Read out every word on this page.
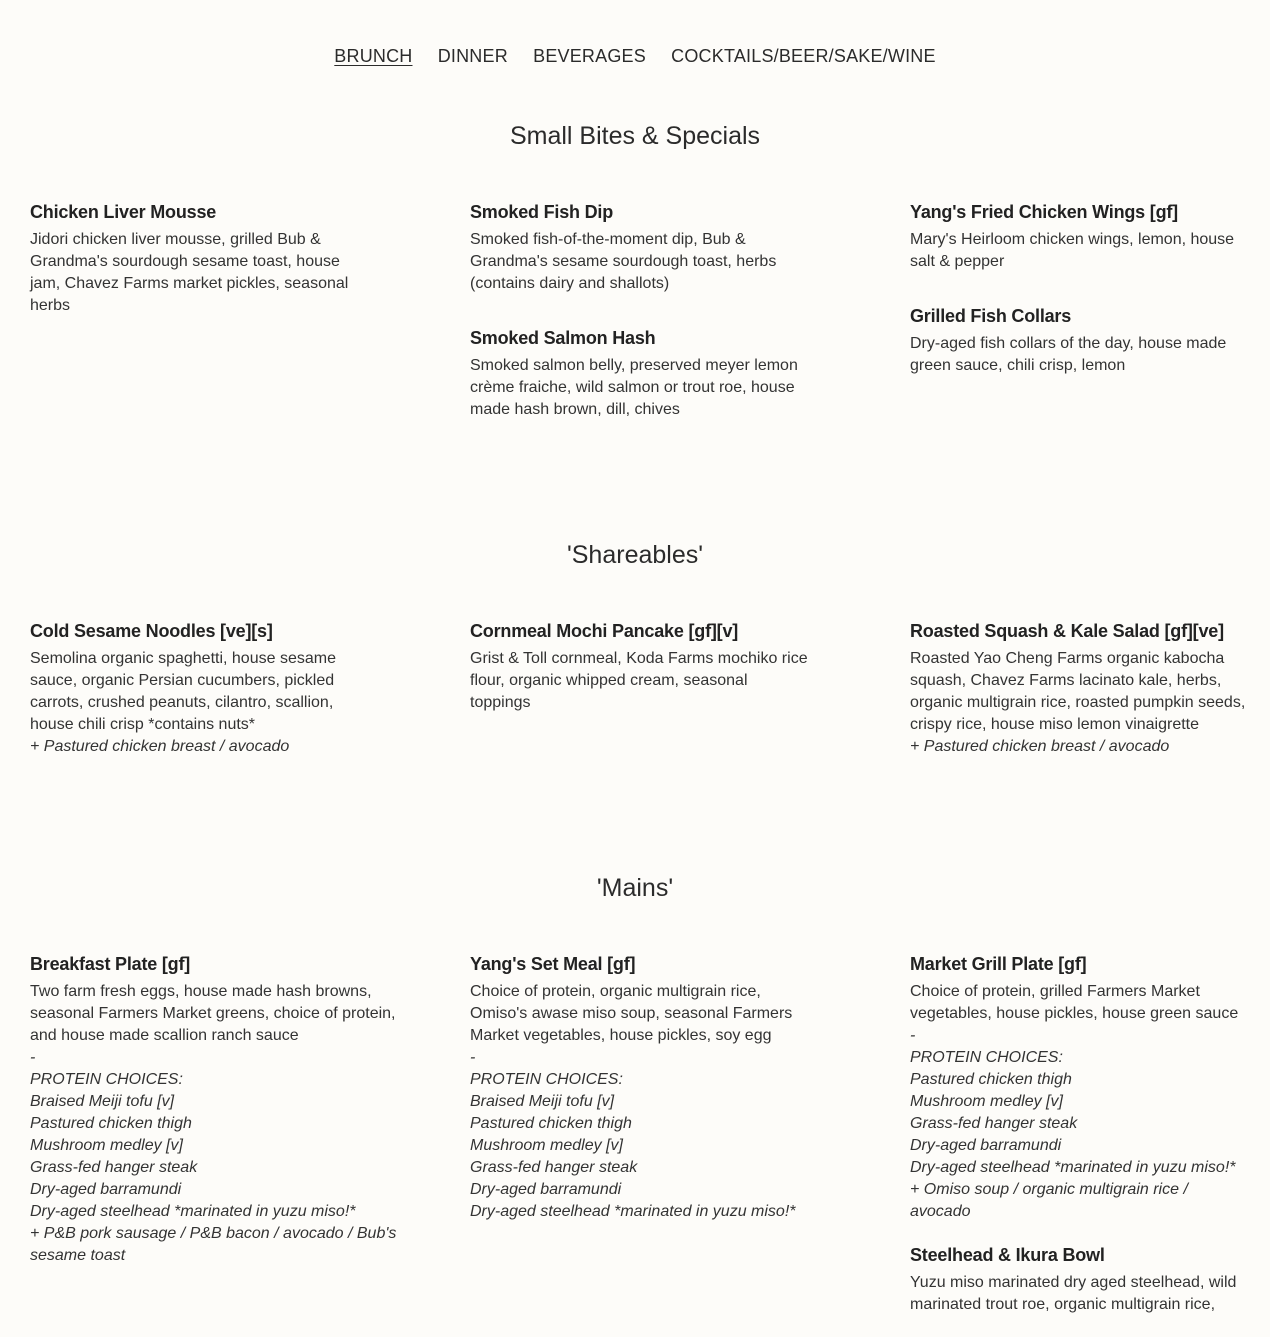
BRUNCH DINNER BEVERAGES COCKTAILS/BEER/SAKE/WINE
Small Bites & Specials
Chicken Liver Mousse

Jidori chicken liver mousse, grilled Bub & Grandma's sourdough sesame toast, house jam, Chavez Farms market pickles, seasonal herbs

Smoked Fish Dip

Smoked fish-of-the-moment dip, Bub & Grandma's sesame sourdough toast, herbs (contains dairy and shallots)

Smoked Salmon Hash

Smoked salmon belly, preserved meyer lemon crème fraiche, wild salmon or trout roe, house made hash brown, dill, chives

Yang's Fried Chicken Wings [gf]

Mary's Heirloom chicken wings, lemon, house salt & pepper

Grilled Fish Collars

Dry-aged fish collars of the day, house made green sauce, chili crisp, lemon

'Shareables'
Cold Sesame Noodles [ve][s]

Semolina organic spaghetti, house sesame sauce, organic Persian cucumbers, pickled carrots, crushed peanuts, cilantro, scallion, house chili crisp *contains nuts*

+ Pastured chicken breast / avocado

Cornmeal Mochi Pancake [gf][v]

Grist & Toll cornmeal, Koda Farms mochiko rice flour, organic whipped cream, seasonal toppings

Roasted Squash & Kale Salad [gf][ve]

Roasted Yao Cheng Farms organic kabocha squash, Chavez Farms lacinato kale, herbs, organic multigrain rice, roasted pumpkin seeds, crispy rice, house miso lemon vinaigrette

+ Pastured chicken breast / avocado

'Mains'
Breakfast Plate [gf]

Two farm fresh eggs, house made hash browns, seasonal Farmers Market greens, choice of protein, and house made scallion ranch sauce

-

PROTEIN CHOICES:

Braised Meiji tofu [v]

Pastured chicken thigh

Mushroom medley [v]

Grass-fed hanger steak

Dry-aged barramundi

Dry-aged steelhead *marinated in yuzu miso!*

+ P&B pork sausage / P&B bacon / avocado / Bub's sesame toast

Yang's Set Meal [gf]

Choice of protein, organic multigrain rice, Omiso's awase miso soup, seasonal Farmers Market vegetables, house pickles, soy egg

-

PROTEIN CHOICES:

Braised Meiji tofu [v]

Pastured chicken thigh

Mushroom medley [v]

Grass-fed hanger steak

Dry-aged barramundi

Dry-aged steelhead *marinated in yuzu miso!*

Market Grill Plate [gf]

Choice of protein, grilled Farmers Market vegetables, house pickles, house green sauce

-

PROTEIN CHOICES:

Pastured chicken thigh

Mushroom medley [v]

Grass-fed hanger steak

Dry-aged barramundi

Dry-aged steelhead *marinated in yuzu miso!*

+ Omiso soup / organic multigrain rice / avocado

Steelhead & Ikura Bowl

Yuzu miso marinated dry aged steelhead, wild marinated trout roe, organic multigrain rice,
